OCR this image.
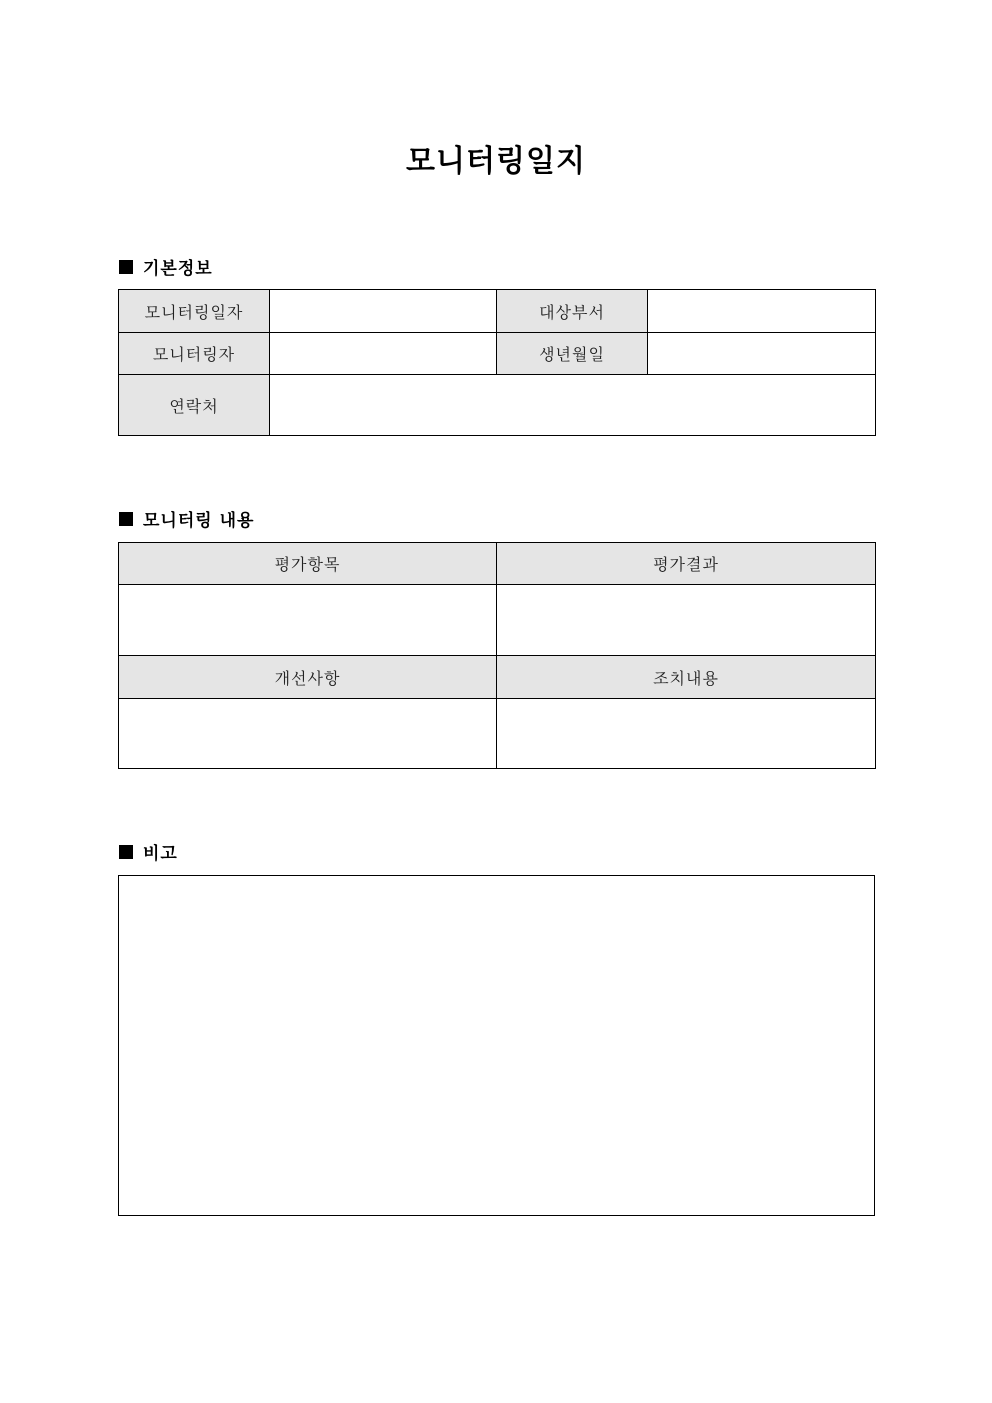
모니터링일지
기본정보
모니터링일자		대상부서	
모니터링자		생년월일	
연락처			
모니터링 내용
평가항목	평가결과

개선사항	조치내용

비고
